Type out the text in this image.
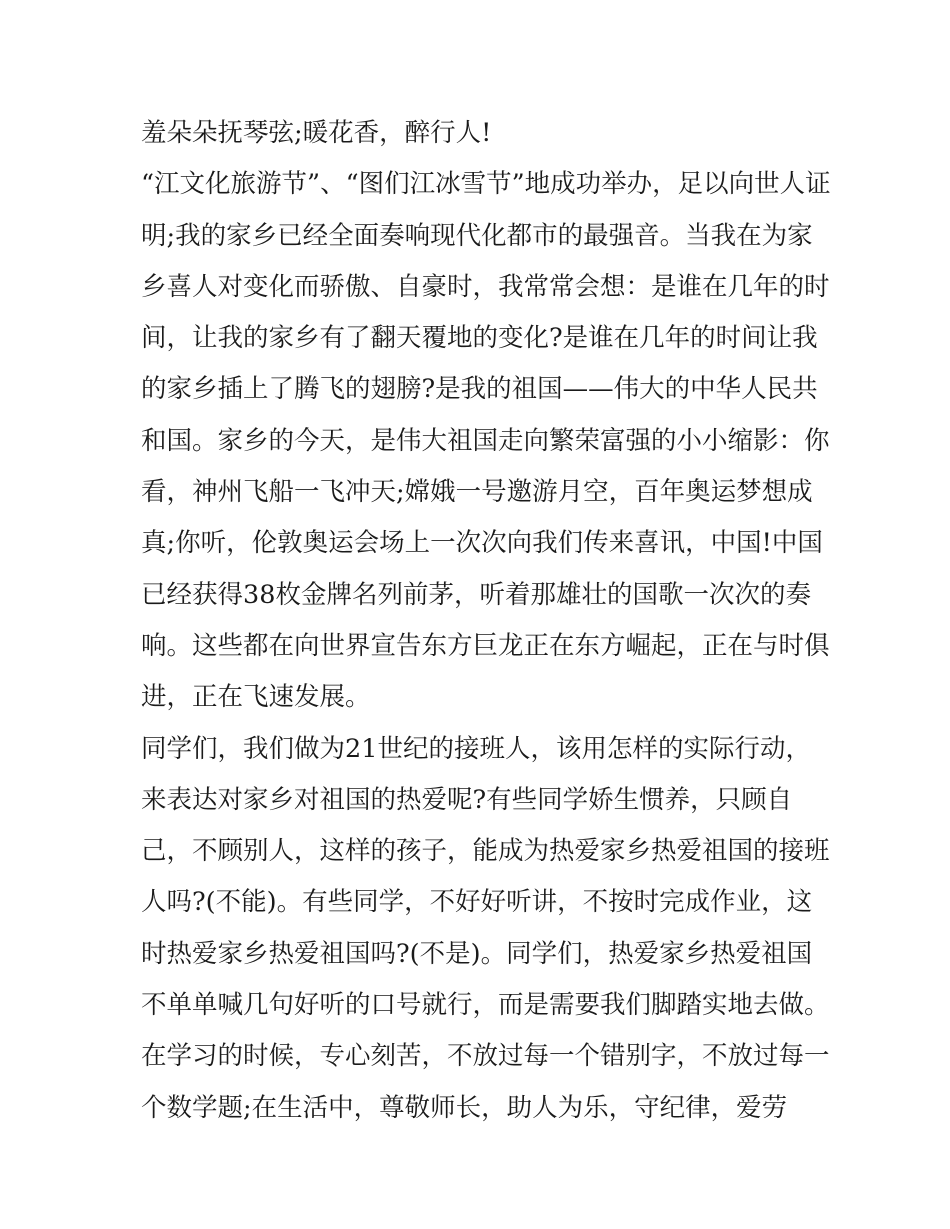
羞朵朵抚琴弦;暖花香，醉行人!
“江文化旅游节”、“图们江冰雪节”地成功举办，足以向世人证
明;我的家乡已经全面奏响现代化都市的最强音。当我在为家
乡喜人对变化而骄傲、自豪时，我常常会想：是谁在几年的时
间，让我的家乡有了翻天覆地的变化?是谁在几年的时间让我
的家乡插上了腾飞的翅膀?是我的祖国——伟大的中华人民共
和国。家乡的今天，是伟大祖国走向繁荣富强的小小缩影：你
看，神州飞船一飞冲天;嫦娥一号邀游月空，百年奥运梦想成
真;你听，伦敦奥运会场上一次次向我们传来喜讯，中国!中国
已经获得38枚金牌名列前茅，听着那雄壮的国歌一次次的奏
响。这些都在向世界宣告东方巨龙正在东方崛起，正在与时俱
进，正在飞速发展。
同学们，我们做为21世纪的接班人，该用怎样的实际行动，
来表达对家乡对祖国的热爱呢?有些同学娇生惯养，只顾自
己，不顾别人，这样的孩子，能成为热爱家乡热爱祖国的接班
人吗?(不能)。有些同学，不好好听讲，不按时完成作业，这
时热爱家乡热爱祖国吗?(不是)。同学们，热爱家乡热爱祖国
不单单喊几句好听的口号就行，而是需要我们脚踏实地去做。
在学习的时候，专心刻苦，不放过每一个错别字，不放过每一
个数学题;在生活中，尊敬师长，助人为乐，守纪律，爱劳
